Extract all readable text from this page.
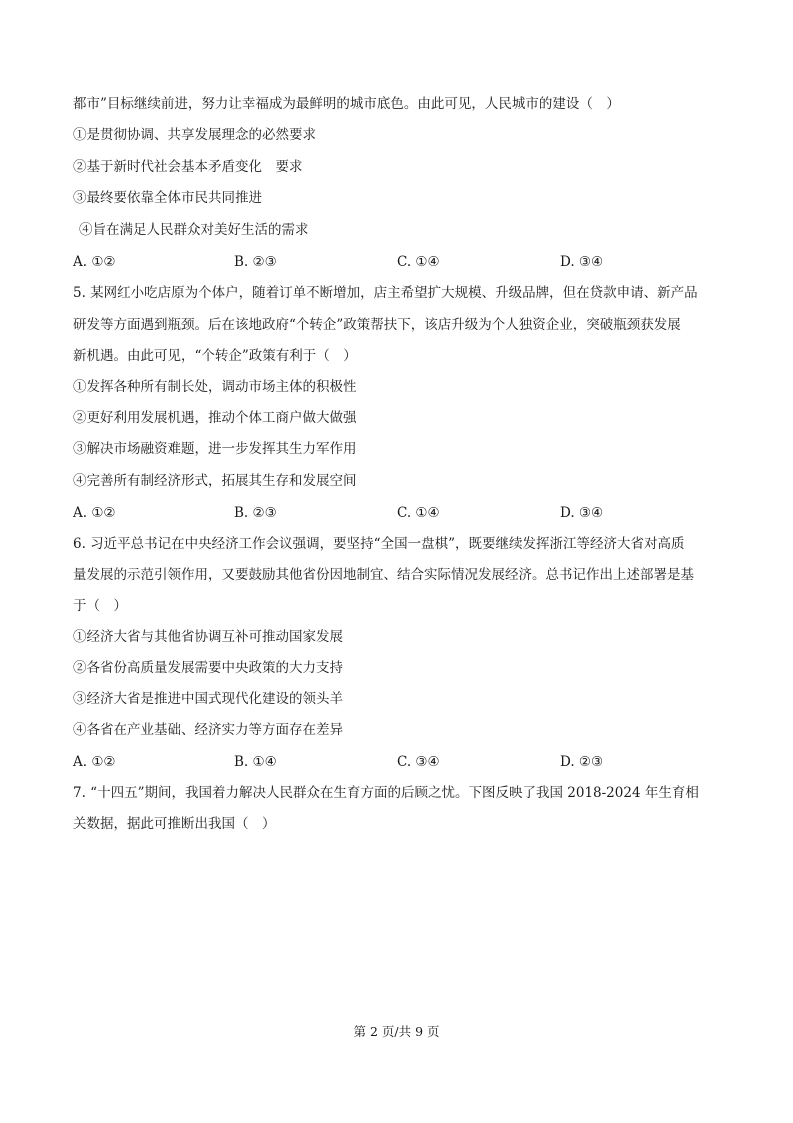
都市”目标继续前进，努力让幸福成为最鲜明的城市底色。由此可见，人民城市的建设（　）
①是贯彻协调、共享发展理念的必然要求
②基于新时代社会基本矛盾变化　要求
③最终要依靠全体市民共同推进
④旨在满足人民群众对美好生活的需求
A. ①②	B. ②③	C. ①④	D. ③④
5. 某网红小吃店原为个体户，随着订单不断增加，店主希望扩大规模、升级品牌，但在贷款申请、新产品
研发等方面遇到瓶颈。后在该地政府“个转企”政策帮扶下，该店升级为个人独资企业，突破瓶颈获发展
新机遇。由此可见，“个转企”政策有利于（　）
①发挥各种所有制长处，调动市场主体的积极性
②更好利用发展机遇，推动个体工商户做大做强
③解决市场融资难题，进一步发挥其生力军作用
④完善所有制经济形式，拓展其生存和发展空间
A. ①②	B. ②③	C. ①④	D. ③④
6. 习近平总书记在中央经济工作会议强调，要坚持“全国一盘棋”，既要继续发挥浙江等经济大省对高质
量发展的示范引领作用，又要鼓励其他省份因地制宜、结合实际情况发展经济。总书记作出上述部署是基
于（　）
①经济大省与其他省协调互补可推动国家发展
②各省份高质量发展需要中央政策的大力支持
③经济大省是推进中国式现代化建设的领头羊
④各省在产业基础、经济实力等方面存在差异
A. ①②	B. ①④	C. ③④	D. ②③
7. “十四五”期间，我国着力解决人民群众在生育方面的后顾之忧。下图反映了我国 2018-2024 年生育相
关数据，据此可推断出我国（　）
第 2 页/共 9 页
